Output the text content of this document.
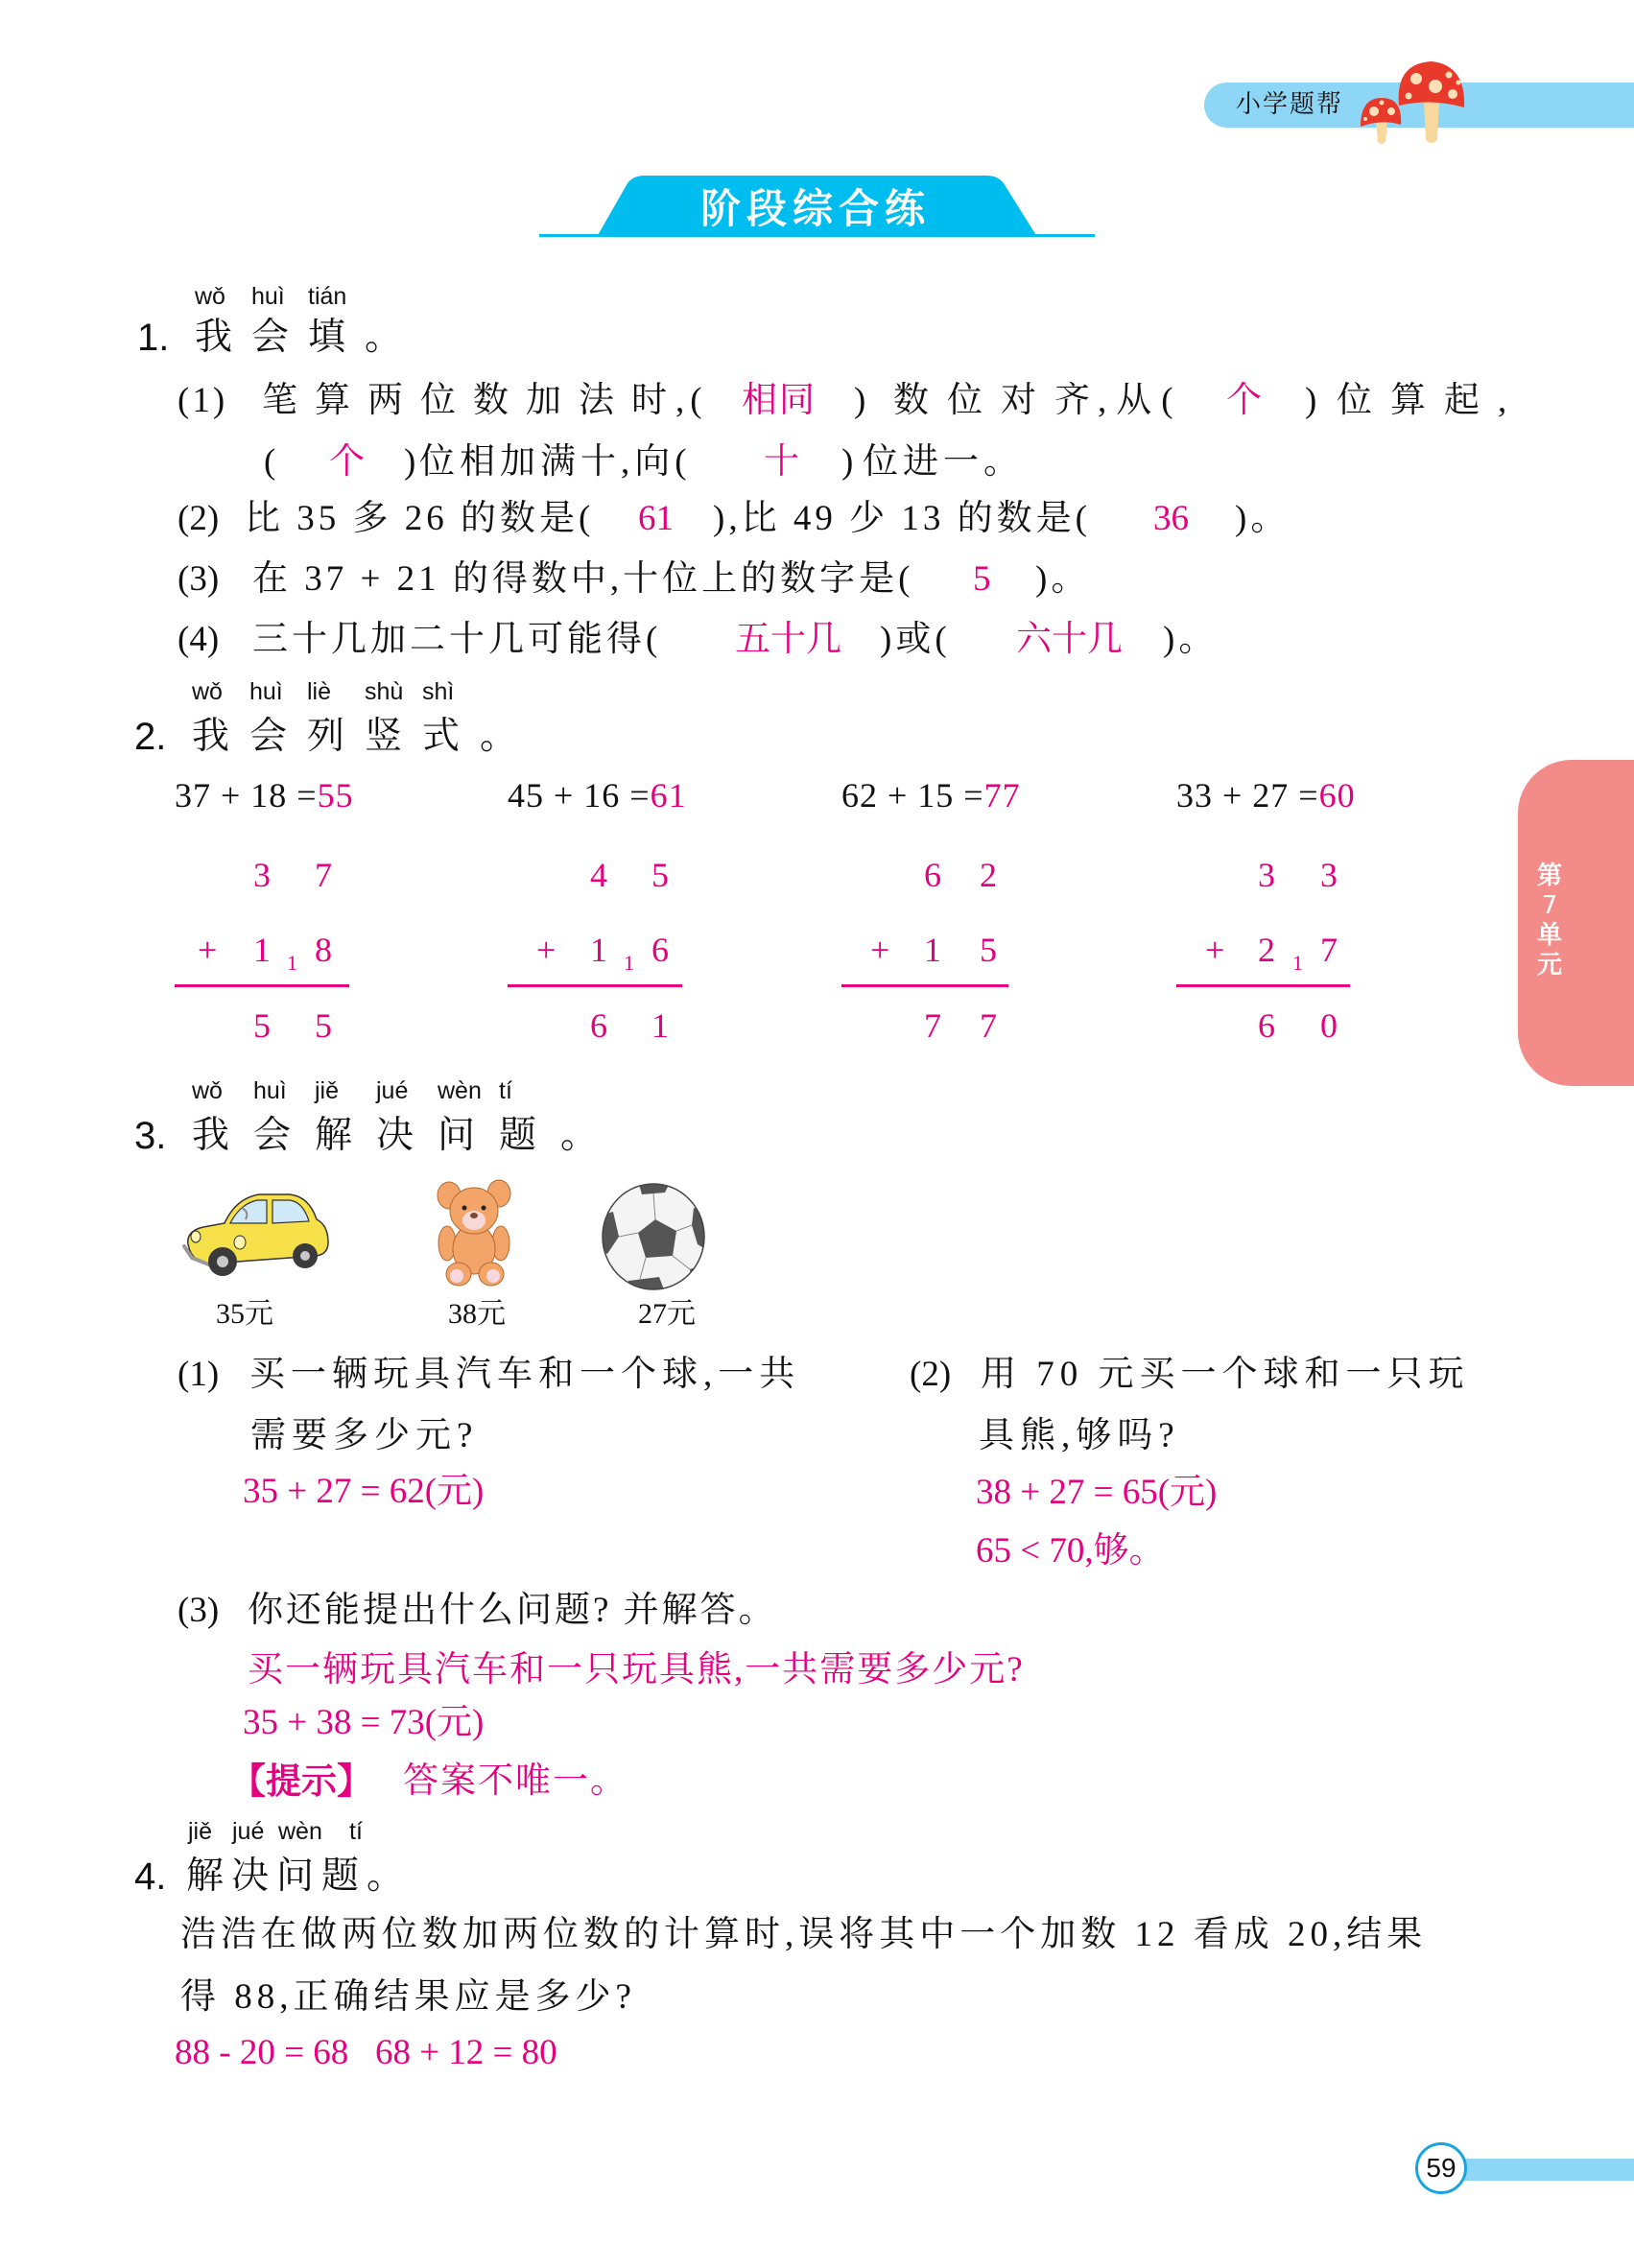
小学题帮
阶段综合练
第
7
单
元
wǒ	huì tián
1. 我 会 填 。
(1) 笔算两位数加法时
,( 相同 ) 数位对齐
,从( 个 ) 位算起,
( 个 ) 位相加满十,向( 十 ) 位进一。
(2) 比 35 多 26 的数是( 61 ),比 49 少 13 的数是( 36 )。
(3) 在 37 + 21 的得数中,十位上的数字是( 5 )。
(4) 三十几加二十几可能得( 五十几 )或( 六十几 )。
wǒ	huì	liè	shù shì
2. 我 会 列 竖 式 。
37 + 18 =55
3 7
+ 1 1 8
5 5
45 + 16 =61
4 5
+ 1 1 6
6 1
62 + 15 =77
6 2
+ 1 5
7 7
33 + 27 =60
3 3
+ 2 1 7
6 0
wǒ	huì	jiě	jué	wèn tí
3. 我 会 解 决 问 题 。
35元	38元	27元
(1) 买一辆玩具汽车和一个球,一共
需要多少元?
35 + 27 = 62(元)
(2) 用 70 元买一个球和一只玩
具熊,够吗?
38 + 27 = 65(元)
65 < 70,够。
(3) 你还能提出什么问题? 并解答。
买一辆玩具汽车和一只玩具熊,一共需要多少元?
35 + 38 = 73(元)
【提示】 答案不唯一。
jiě jué wèn	tí
4. 解 决 问 题 。
浩浩在做两位数加两位数的计算时,误将其中一个加数 12 看成 20,结果
得 88,正确结果应是多少?
88 - 20 = 68   68 + 12 = 80
59
